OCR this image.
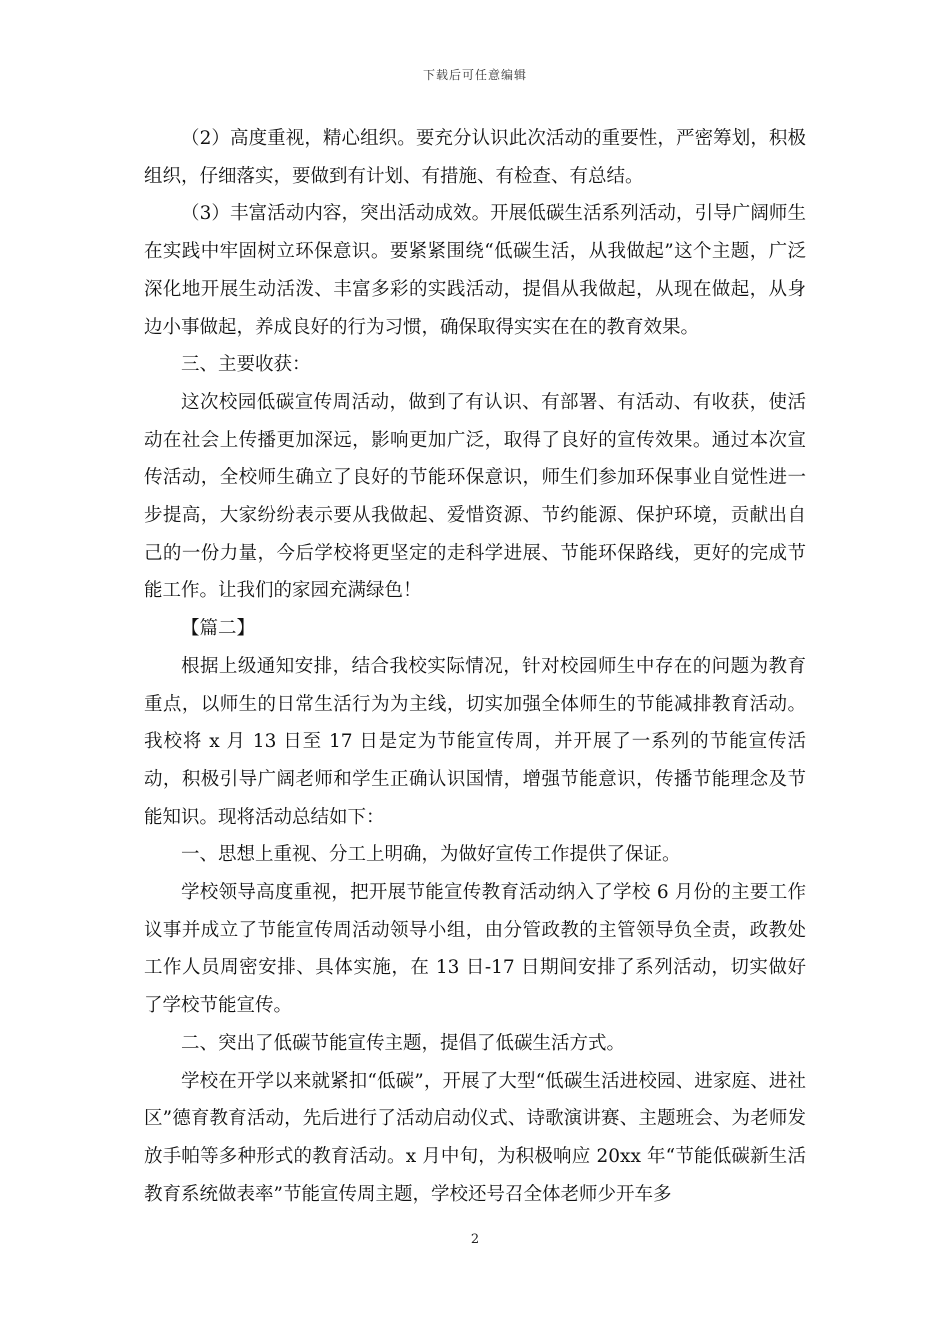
下载后可任意编辑

（2）高度重视，精心组织。要充分认识此次活动的重要性，严密筹划，积极组织，仔细落实，要做到有计划、有措施、有检查、有总结。

（3）丰富活动内容，突出活动成效。开展低碳生活系列活动，引导广阔师生在实践中牢固树立环保意识。要紧紧围绕“低碳生活，从我做起”这个主题，广泛深化地开展生动活泼、丰富多彩的实践活动，提倡从我做起，从现在做起，从身边小事做起，养成良好的行为习惯，确保取得实实在在的教育效果。

三、主要收获：

这次校园低碳宣传周活动，做到了有认识、有部署、有活动、有收获，使活动在社会上传播更加深远，影响更加广泛，取得了良好的宣传效果。通过本次宣传活动，全校师生确立了良好的节能环保意识，师生们参加环保事业自觉性进一步提高，大家纷纷表示要从我做起、爱惜资源、节约能源、保护环境，贡献出自己的一份力量，今后学校将更坚定的走科学进展、节能环保路线，更好的完成节能工作。让我们的家园充满绿色！

【篇二】

根据上级通知安排，结合我校实际情况，针对校园师生中存在的问题为教育重点，以师生的日常生活行为为主线，切实加强全体师生的节能减排教育活动。我校将 x 月 13 日至 17 日是定为节能宣传周，并开展了一系列的节能宣传活动，积极引导广阔老师和学生正确认识国情，增强节能意识，传播节能理念及节能知识。现将活动总结如下：

一、思想上重视、分工上明确，为做好宣传工作提供了保证。

学校领导高度重视，把开展节能宣传教育活动纳入了学校 6 月份的主要工作议事并成立了节能宣传周活动领导小组，由分管政教的主管领导负全责，政教处工作人员周密安排、具体实施，在 13 日-17 日期间安排了系列活动，切实做好了学校节能宣传。

二、突出了低碳节能宣传主题，提倡了低碳生活方式。

学校在开学以来就紧扣“低碳”，开展了大型“低碳生活进校园、进家庭、进社区”德育教育活动，先后进行了活动启动仪式、诗歌演讲赛、主题班会、为老师发放手帕等多种形式的教育活动。x 月中旬，为积极响应 20xx 年“节能低碳新生活教育系统做表率”节能宣传周主题，学校还号召全体老师少开车多

2
